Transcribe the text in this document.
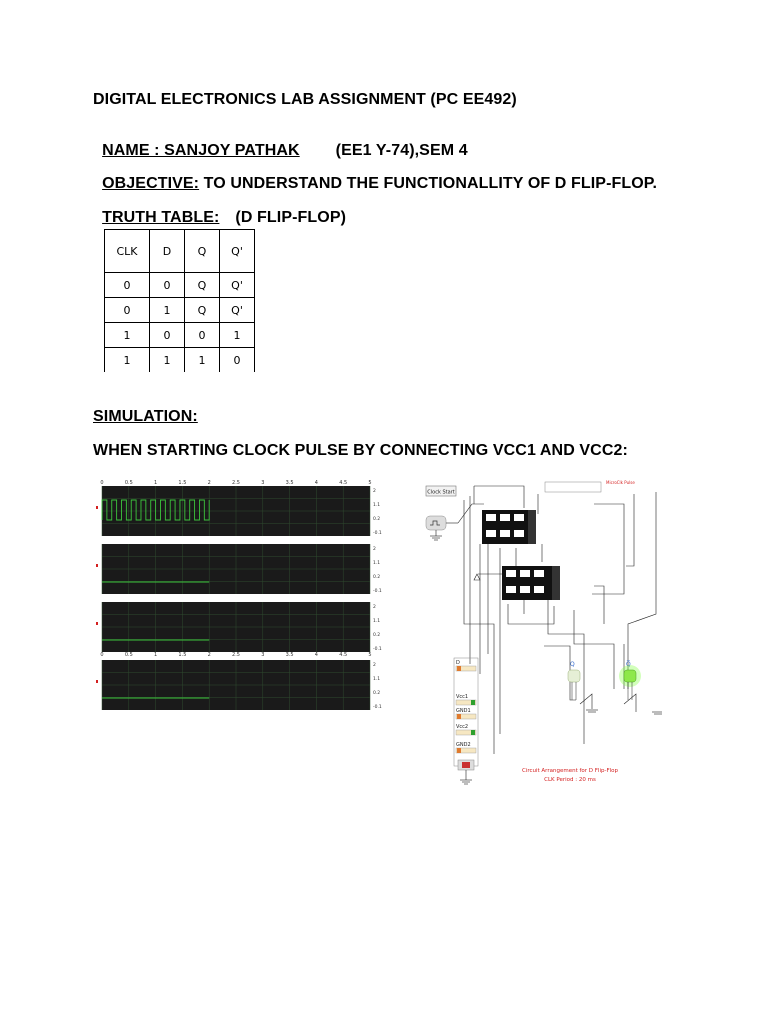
DIGITAL ELECTRONICS LAB ASSIGNMENT (PC EE492)

NAME : SANJOY PATHAK (EE1 Y-74),SEM 4

OBJECTIVE: TO UNDERSTAND THE FUNCTIONALLITY OF D FLIP-FLOP.

TRUTH TABLE: (D FLIP-FLOP)

CLK	D	Q	Q'
0	0	Q	Q'
0	1	Q	Q'
1	0	0	1
1	1	1	0
SIMULATION:
WHEN STARTING CLOCK PULSE BY CONNECTING VCC1 AND VCC2:
0	0.5	1	1.5	2	2.5	3	3.5	4	4.5	5
0	0.5	1	1.5	2	2.5	3	3.5	4	4.5	5
2
1.1
0.2
-0.1
2
1.1
0.2
-0.1
2
1.1
0.2
-0.1
2
1.1
0.2
-0.1
Clock Start
MicroClk Pulse
D
Vcc1
GND1
Vcc2
GND2
Q	Q̅
Circuit Arrangement for D Flip-Flop
CLK Period : 20 ms
